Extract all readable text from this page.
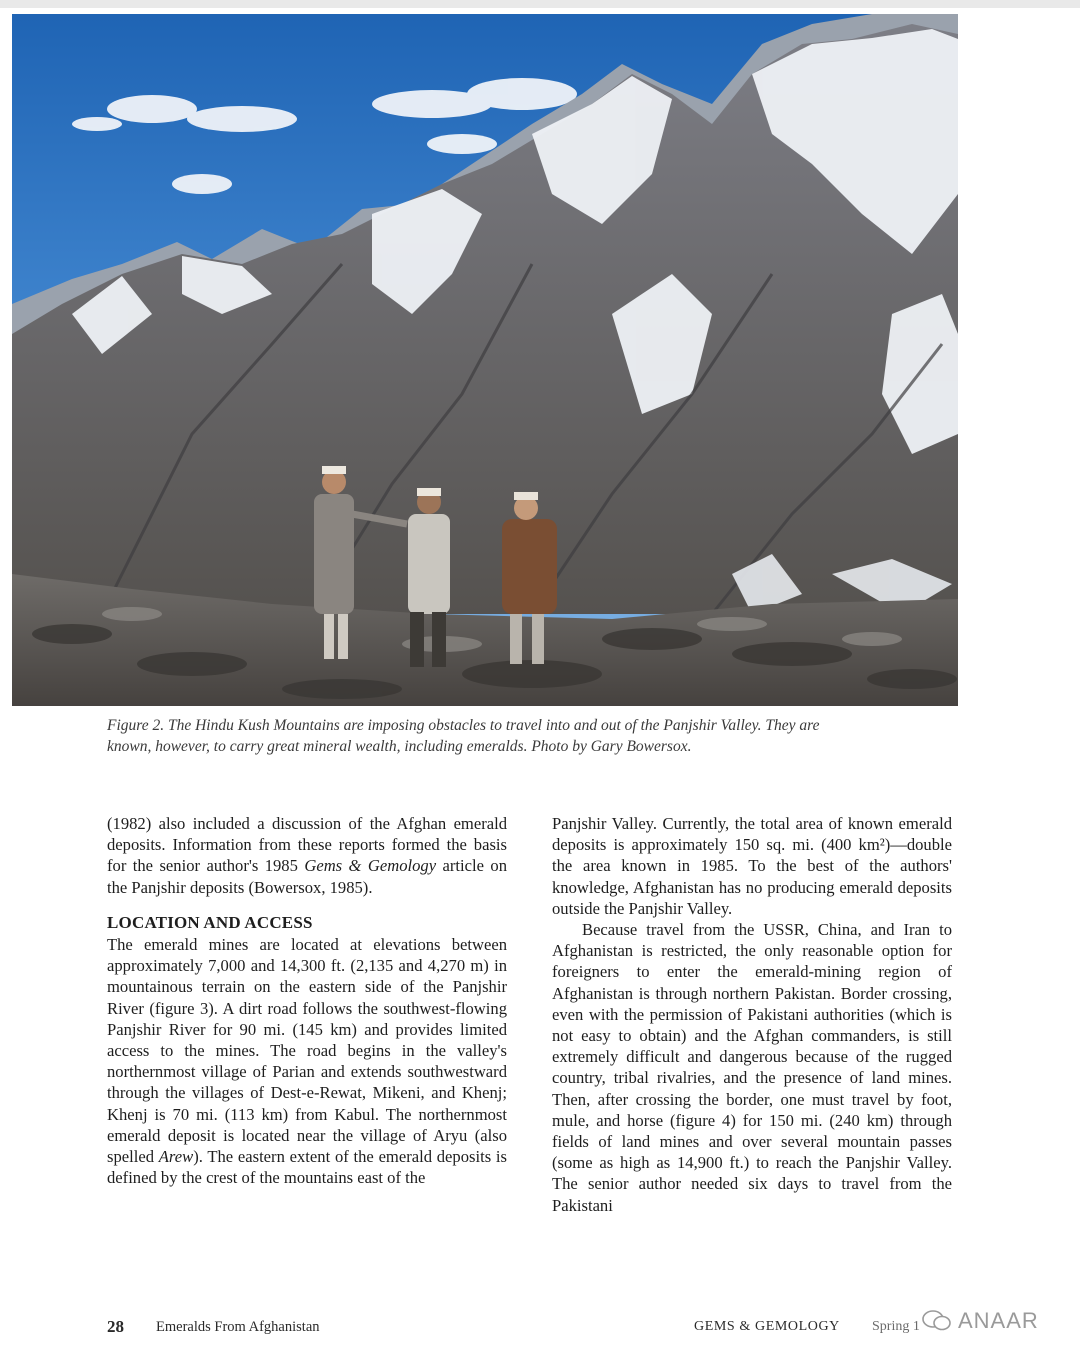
Figure 2. The Hindu Kush Mountains are imposing obstacles to travel into and out of the Panjshir Valley. They are known, however, to carry great mineral wealth, including emeralds. Photo by Gary Bowersox.

(1982) also included a discussion of the Afghan emerald deposits. Information from these reports formed the basis for the senior author's 1985 Gems & Gemology article on the Panjshir deposits (Bowersox, 1985).

LOCATION AND ACCESS

The emerald mines are located at elevations between approximately 7,000 and 14,300 ft. (2,135 and 4,270 m) in mountainous terrain on the eastern side of the Panjshir River (figure 3). A dirt road follows the southwest-flowing Panjshir River for 90 mi. (145 km) and provides limited access to the mines. The road begins in the valley's northernmost village of Parian and extends southwestward through the villages of Dest-e-Rewat, Mikeni, and Khenj; Khenj is 70 mi. (113 km) from Kabul. The northernmost emerald deposit is located near the village of Aryu (also spelled Arew). The eastern extent of the emerald deposits is defined by the crest of the mountains east of the

Panjshir Valley. Currently, the total area of known emerald deposits is approximately 150 sq. mi. (400 km²)—double the area known in 1985. To the best of the authors' knowledge, Afghanistan has no producing emerald deposits outside the Panjshir Valley.

Because travel from the USSR, China, and Iran to Afghanistan is restricted, the only reasonable option for foreigners to enter the emerald-mining region of Afghanistan is through northern Pakistan. Border crossing, even with the permission of Pakistani authorities (which is not easy to obtain) and the Afghan commanders, is still extremely difficult and dangerous because of the rugged country, tribal rivalries, and the presence of land mines. Then, after crossing the border, one must travel by foot, mule, and horse (figure 4) for 150 mi. (240 km) through fields of land mines and over several mountain passes (some as high as 14,900 ft.) to reach the Panjshir Valley. The senior author needed six days to travel from the Pakistani

28 Emeralds From Afghanistan	GEMS & GEMOLOGY Spring 1 ANAAR
